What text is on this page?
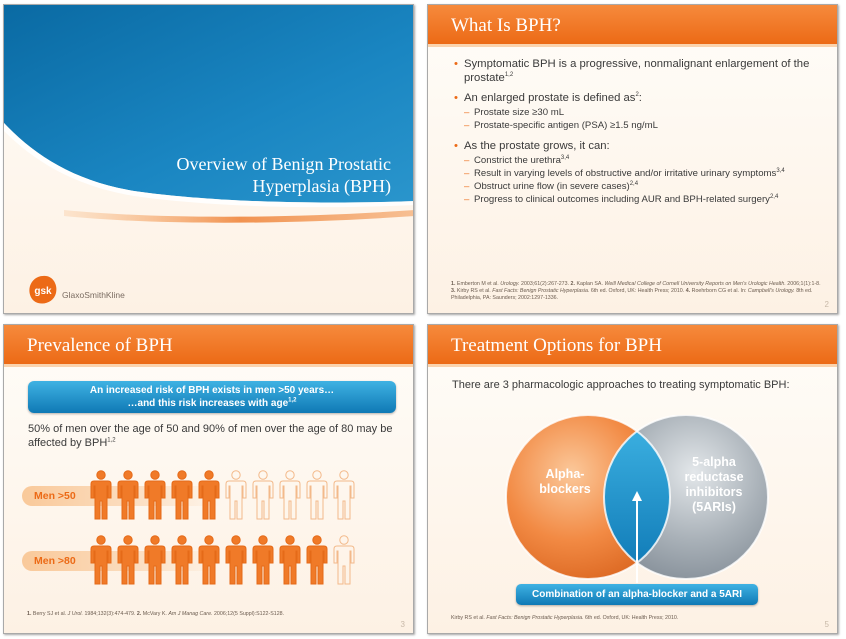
Overview of Benign Prostatic
Hyperplasia (BPH)
gsk GlaxoSmithKline
What Is BPH?
• Symptomatic BPH is a progressive, nonmalignant enlargement of the prostate$^{1,2}$
• An enlarged prostate is defined $as^2$:
– Prostate size ≥30 mL
– Prostate-specific antigen (PSA) ≥1.5 ng/mL
• As the prostate grows, it can:
– Constrict the urethra$^{3,4}$
– Result in varying levels of obstructive and/or irritative urinary symptoms$^{3,4}$
– Obstruct urine flow (in severe cases)$^{2,4}$
– Progress to clinical outcomes including AUR and BPH-related surgery$^{2,4}$
1. Emberton M et al. Urology. 2003;61(2):267-273. 2. Kaplan SA. Weill Medical College of Cornell University Reports on Men's Urologic Health. 2006;1(1):1-8. 3. Kirby RS et al. Fast Facts: Benign Prostatic Hyperplasia. 6th ed. Oxford, UK: Health Press; 2010. 4. Roehrborn CG et al. In: Campbell's Urology. 8th ed. Philadelphia, PA: Saunders; 2002:1297-1336.
2
Prevalence of BPH
An increased risk of BPH exists in men >50 years…
…and this risk increases with age$^{1,2}$
50% of men over the age of 50 and 90% of men over the age of 80 may be affected by BPH$^{1,2}$
Men >50
Men >80
1. Berry SJ et al. J Urol. 1984;132(3):474-479. 2. McVary K. Am J Manag Care. 2006;12(5 Suppl):S122-S128.
3
Treatment Options for BPH
There are 3 pharmacologic approaches to treating symptomatic BPH:
Alpha-
blockers
5-alpha
reductase
inhibitors
(5ARIs)
Combination of an alpha-blocker and a 5ARI
Kirby RS et al. Fast Facts: Benign Prostatic Hyperplasia. 6th ed. Oxford, UK: Health Press; 2010.
5
